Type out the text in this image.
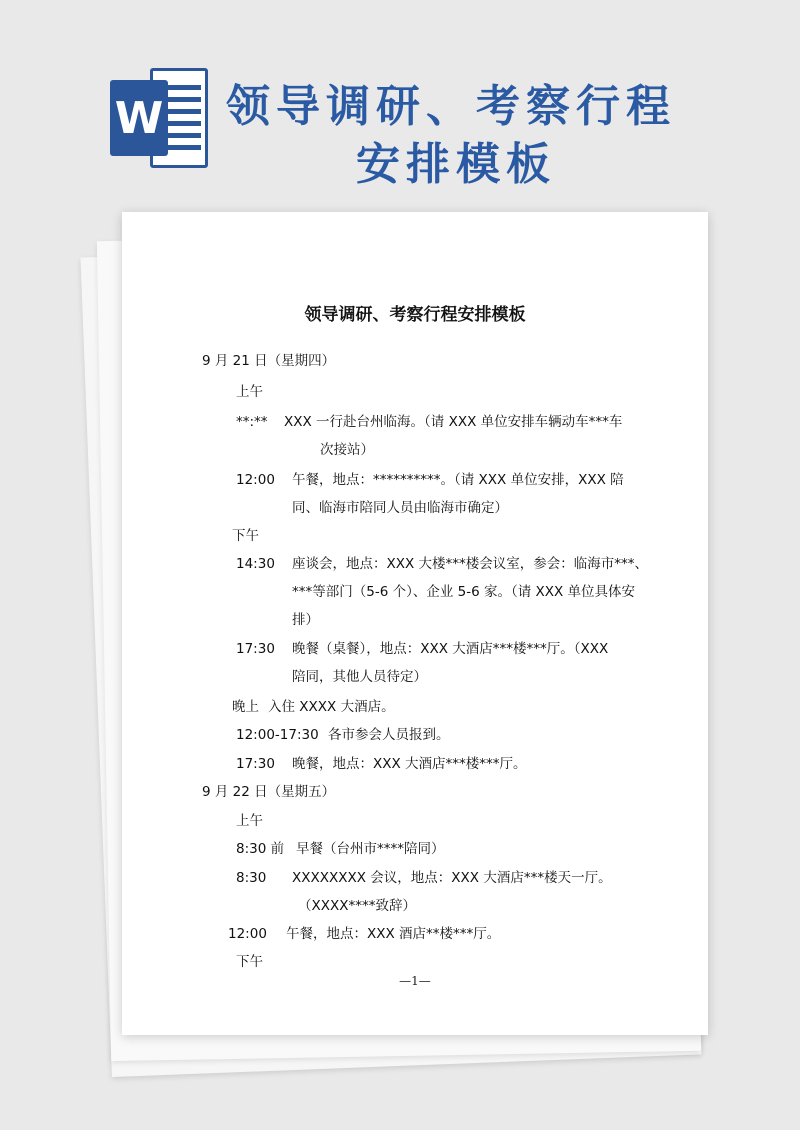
W 领导调研、考察行程
安排模板
领导调研、考察行程安排模板
9 月 21 日（星期四）
上午
**:** XXX 一行赴台州临海。（请 XXX 单位安排车辆动车***车
次接站）
12:00 午餐，地点：**********。（请 XXX 单位安排，XXX 陪
同、临海市陪同人员由临海市确定）
下午
14:30 座谈会，地点：XXX 大楼***楼会议室，参会：临海市***、
***等部门（5-6 个）、企业 5-6 家。（请 XXX 单位具体安
排）
17:30 晚餐（桌餐），地点：XXX 大酒店***楼***厅。（XXX
陪同，其他人员待定）
晚上 入住 XXXX 大酒店。
12:00-17:30 各市参会人员报到。
17:30 晚餐，地点：XXX 大酒店***楼***厅。
9 月 22 日（星期五）
上午
8:30 前 早餐（台州市****陪同）
8:30 XXXXXXXX 会议，地点：XXX 大酒店***楼天一厅。
（XXXX****致辞）
12:00 午餐，地点：XXX 酒店**楼***厅。
下午
—1—
